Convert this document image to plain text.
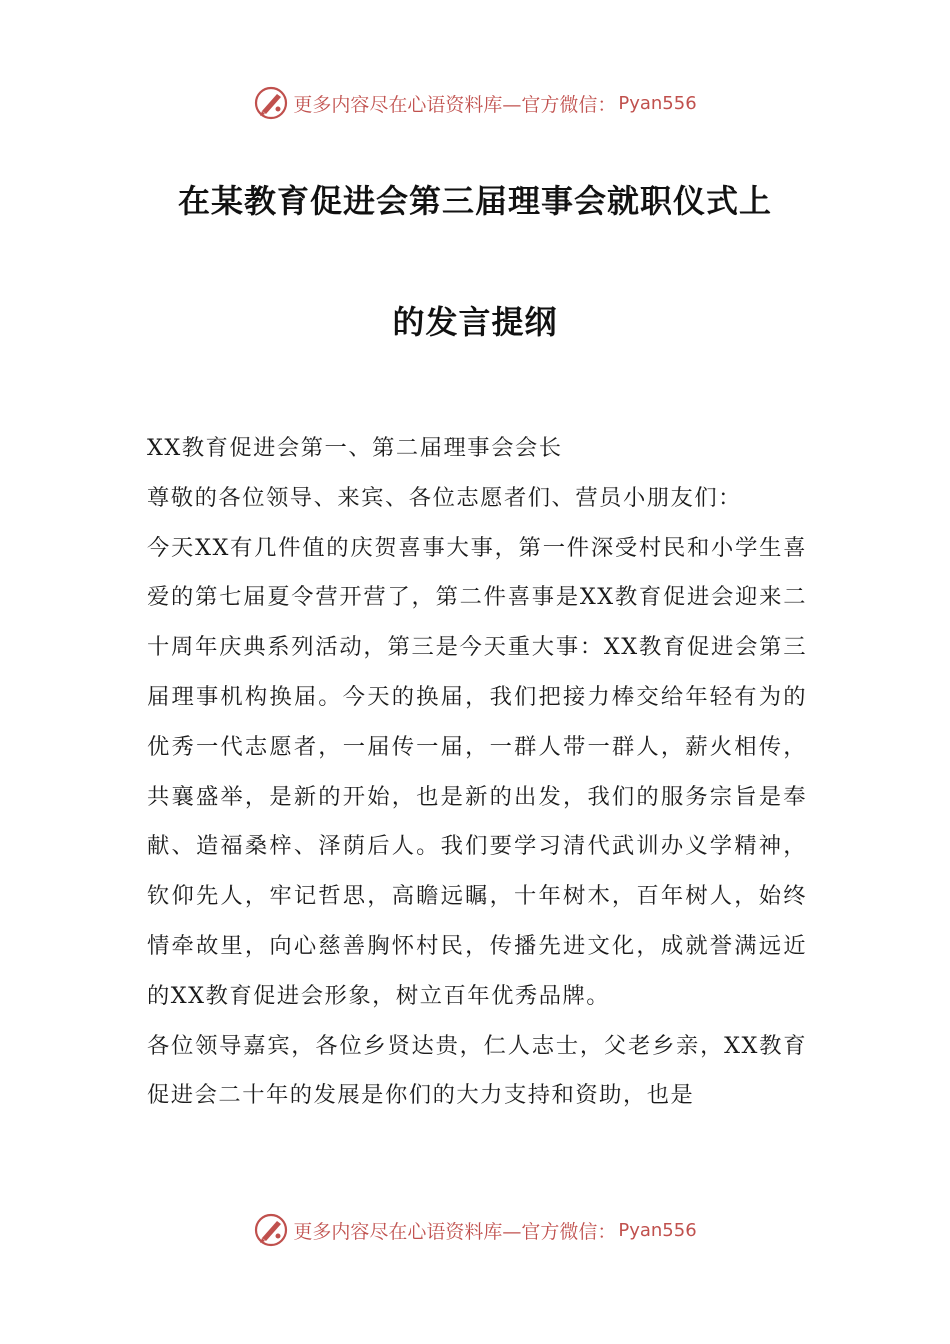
更多内容尽在心语资料库—官方微信： Pyan556
在某教育促进会第三届理事会就职仪式上
的发言提纲

XX教育促进会第一、第二届理事会会长

尊敬的各位领导、来宾、各位志愿者们、营员小朋友们：

今天XX有几件值的庆贺喜事大事，第一件深受村民和小学生喜爱的第七届夏令营开营了，第二件喜事是XX教育促进会迎来二十周年庆典系列活动，第三是今天重大事：XX教育促进会第三届理事机构换届。今天的换届，我们把接力棒交给年轻有为的优秀一代志愿者，一届传一届，一群人带一群人，薪火相传，共襄盛举，是新的开始，也是新的出发，我们的服务宗旨是奉献、造福桑梓、泽荫后人。我们要学习清代武训办义学精神，钦仰先人，牢记哲思，高瞻远瞩，十年树木，百年树人，始终情牵故里，向心慈善胸怀村民，传播先进文化，成就誉满远近的XX教育促进会形象，树立百年优秀品牌。

各位领导嘉宾，各位乡贤达贵，仁人志士，父老乡亲，XX教育促进会二十年的发展是你们的大力支持和资助，也是

更多内容尽在心语资料库—官方微信： Pyan556
